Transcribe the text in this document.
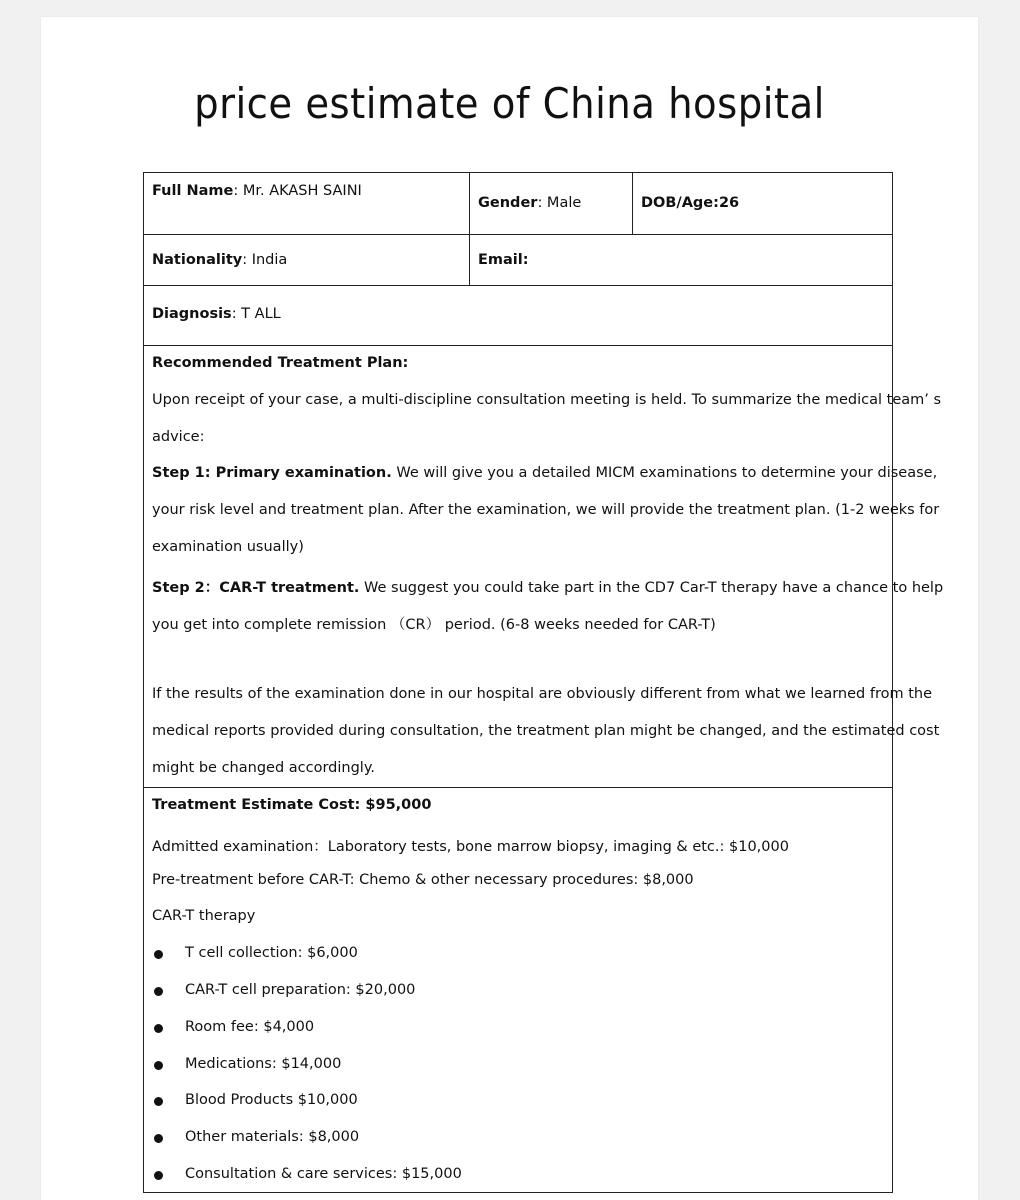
price estimate of China hospital
Full Name: Mr. AKASH SAINI
Gender: Male	DOB/Age:26
Nationality: India	Email:
Diagnosis: T ALL
Recommended Treatment Plan:
Upon receipt of your case, a multi-discipline consultation meeting is held. To summarize the medical team’ s
advice:
Step 1: Primary examination. We will give you a detailed MICM examinations to determine your disease,
your risk level and treatment plan. After the examination, we will provide the treatment plan. (1-2 weeks for
examination usually)
Step 2：CAR-T treatment. We suggest you could take part in the CD7 Car-T therapy have a chance to help
you get into complete remission （CR） period. (6-8 weeks needed for CAR-T)
If the results of the examination done in our hospital are obviously different from what we learned from the
medical reports provided during consultation, the treatment plan might be changed, and the estimated cost
might be changed accordingly.
Treatment Estimate Cost: $95,000
Admitted examination：Laboratory tests, bone marrow biopsy, imaging & etc.: $10,000
Pre-treatment before CAR-T: Chemo & other necessary procedures: $8,000
CAR-T therapy
T cell collection: $6,000
CAR-T cell preparation: $20,000
Room fee: $4,000
Medications: $14,000
Blood Products $10,000
Other materials: $8,000
Consultation & care services: $15,000
